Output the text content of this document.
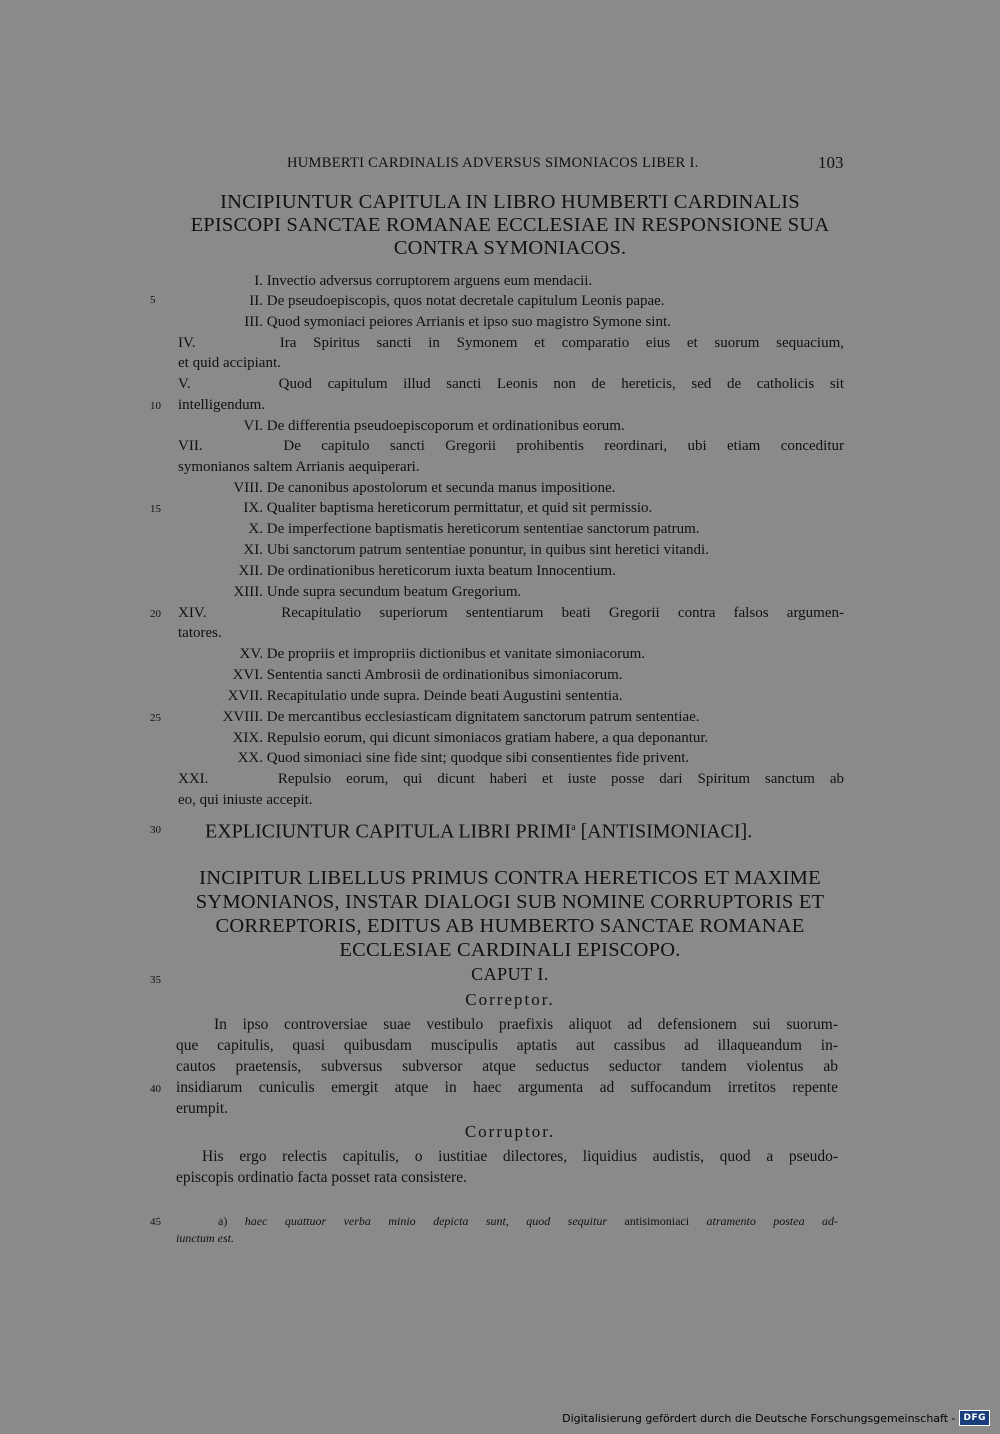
HUMBERTI CARDINALIS ADVERSUS SIMONIACOS LIBER I.	103
INCIPIUNTUR CAPITULA IN LIBRO HUMBERTI CARDINALIS
EPISCOPI SANCTAE ROMANAE ECCLESIAE IN RESPONSIONE SUA
CONTRA SYMONIACOS.
5
10
15
20
25
30
35
40
45
I. Invectio adversus corruptorem arguens eum mendacii.
II. De pseudoepiscopis, quos notat decretale capitulum Leonis papae.
III. Quod symoniaci peiores Arrianis et ipso suo magistro Symone sint.
IV.	Ira Spiritus sancti in Symonem et comparatio eius et suorum sequacium,
et quid accipiant.
V.	Quod capitulum illud sancti Leonis non de hereticis, sed de catholicis sit
intelligendum.
VI. De differentia pseudoepiscoporum et ordinationibus eorum.
VII.	De capitulo sancti Gregorii prohibentis reordinari, ubi etiam conceditur
symonianos saltem Arrianis aequiperari.
VIII. De canonibus apostolorum et secunda manus impositione.
IX. Qualiter baptisma hereticorum permittatur, et quid sit permissio.
X. De imperfectione baptismatis hereticorum sententiae sanctorum patrum.
XI. Ubi sanctorum patrum sententiae ponuntur, in quibus sint heretici vitandi.
XII. De ordinationibus hereticorum iuxta beatum Innocentium.
XIII. Unde supra secundum beatum Gregorium.
XIV.	Recapitulatio superiorum sententiarum beati Gregorii contra falsos argumen-
tatores.
XV. De propriis et impropriis dictionibus et vanitate simoniacorum.
XVI. Sententia sancti Ambrosii de ordinationibus simoniacorum.
XVII. Recapitulatio unde supra. Deinde beati Augustini sententia.
XVIII. De mercantibus ecclesiasticam dignitatem sanctorum patrum sententiae.
XIX. Repulsio eorum, qui dicunt simoniacos gratiam habere, a qua deponantur.
XX. Quod simoniaci sine fide sint; quodque sibi consentientes fide privent.
XXI.	Repulsio eorum, qui dicunt haberi et iuste posse dari Spiritum sanctum ab
eo, qui iniuste accepit.
EXPLICIUNTUR CAPITULA LIBRI PRIMI$^a$ [ANTISIMONIACI].
INCIPITUR LIBELLUS PRIMUS CONTRA HERETICOS ET MAXIME
SYMONIANOS, INSTAR DIALOGI SUB NOMINE CORRUPTORIS ET
CORREPTORIS, EDITUS AB HUMBERTO SANCTAE ROMANAE
ECCLESIAE CARDINALI EPISCOPO.
CAPUT I.
Correptor.
In ipso controversiae suae vestibulo praefixis aliquot ad defensionem sui suorum-
que capitulis, quasi quibusdam muscipulis aptatis aut cassibus ad illaqueandum in-
cautos praetensis, subversus subversor atque seductus seductor tandem violentus ab
insidiarum cuniculis emergit atque in haec argumenta ad suffocandum irretitos repente
erumpit.
Corruptor.
His ergo relectis capitulis, o iustitiae dilectores, liquidius audistis, quod a pseudo-
episcopis ordinatio facta posset rata consistere.
a) haec quattuor verba minio depicta sunt, quod sequitur antisimoniaci atramento postea ad-
iunctum est.
Digitalisierung gefördert durch die Deutsche Forschungsgemeinschaft - DFG
